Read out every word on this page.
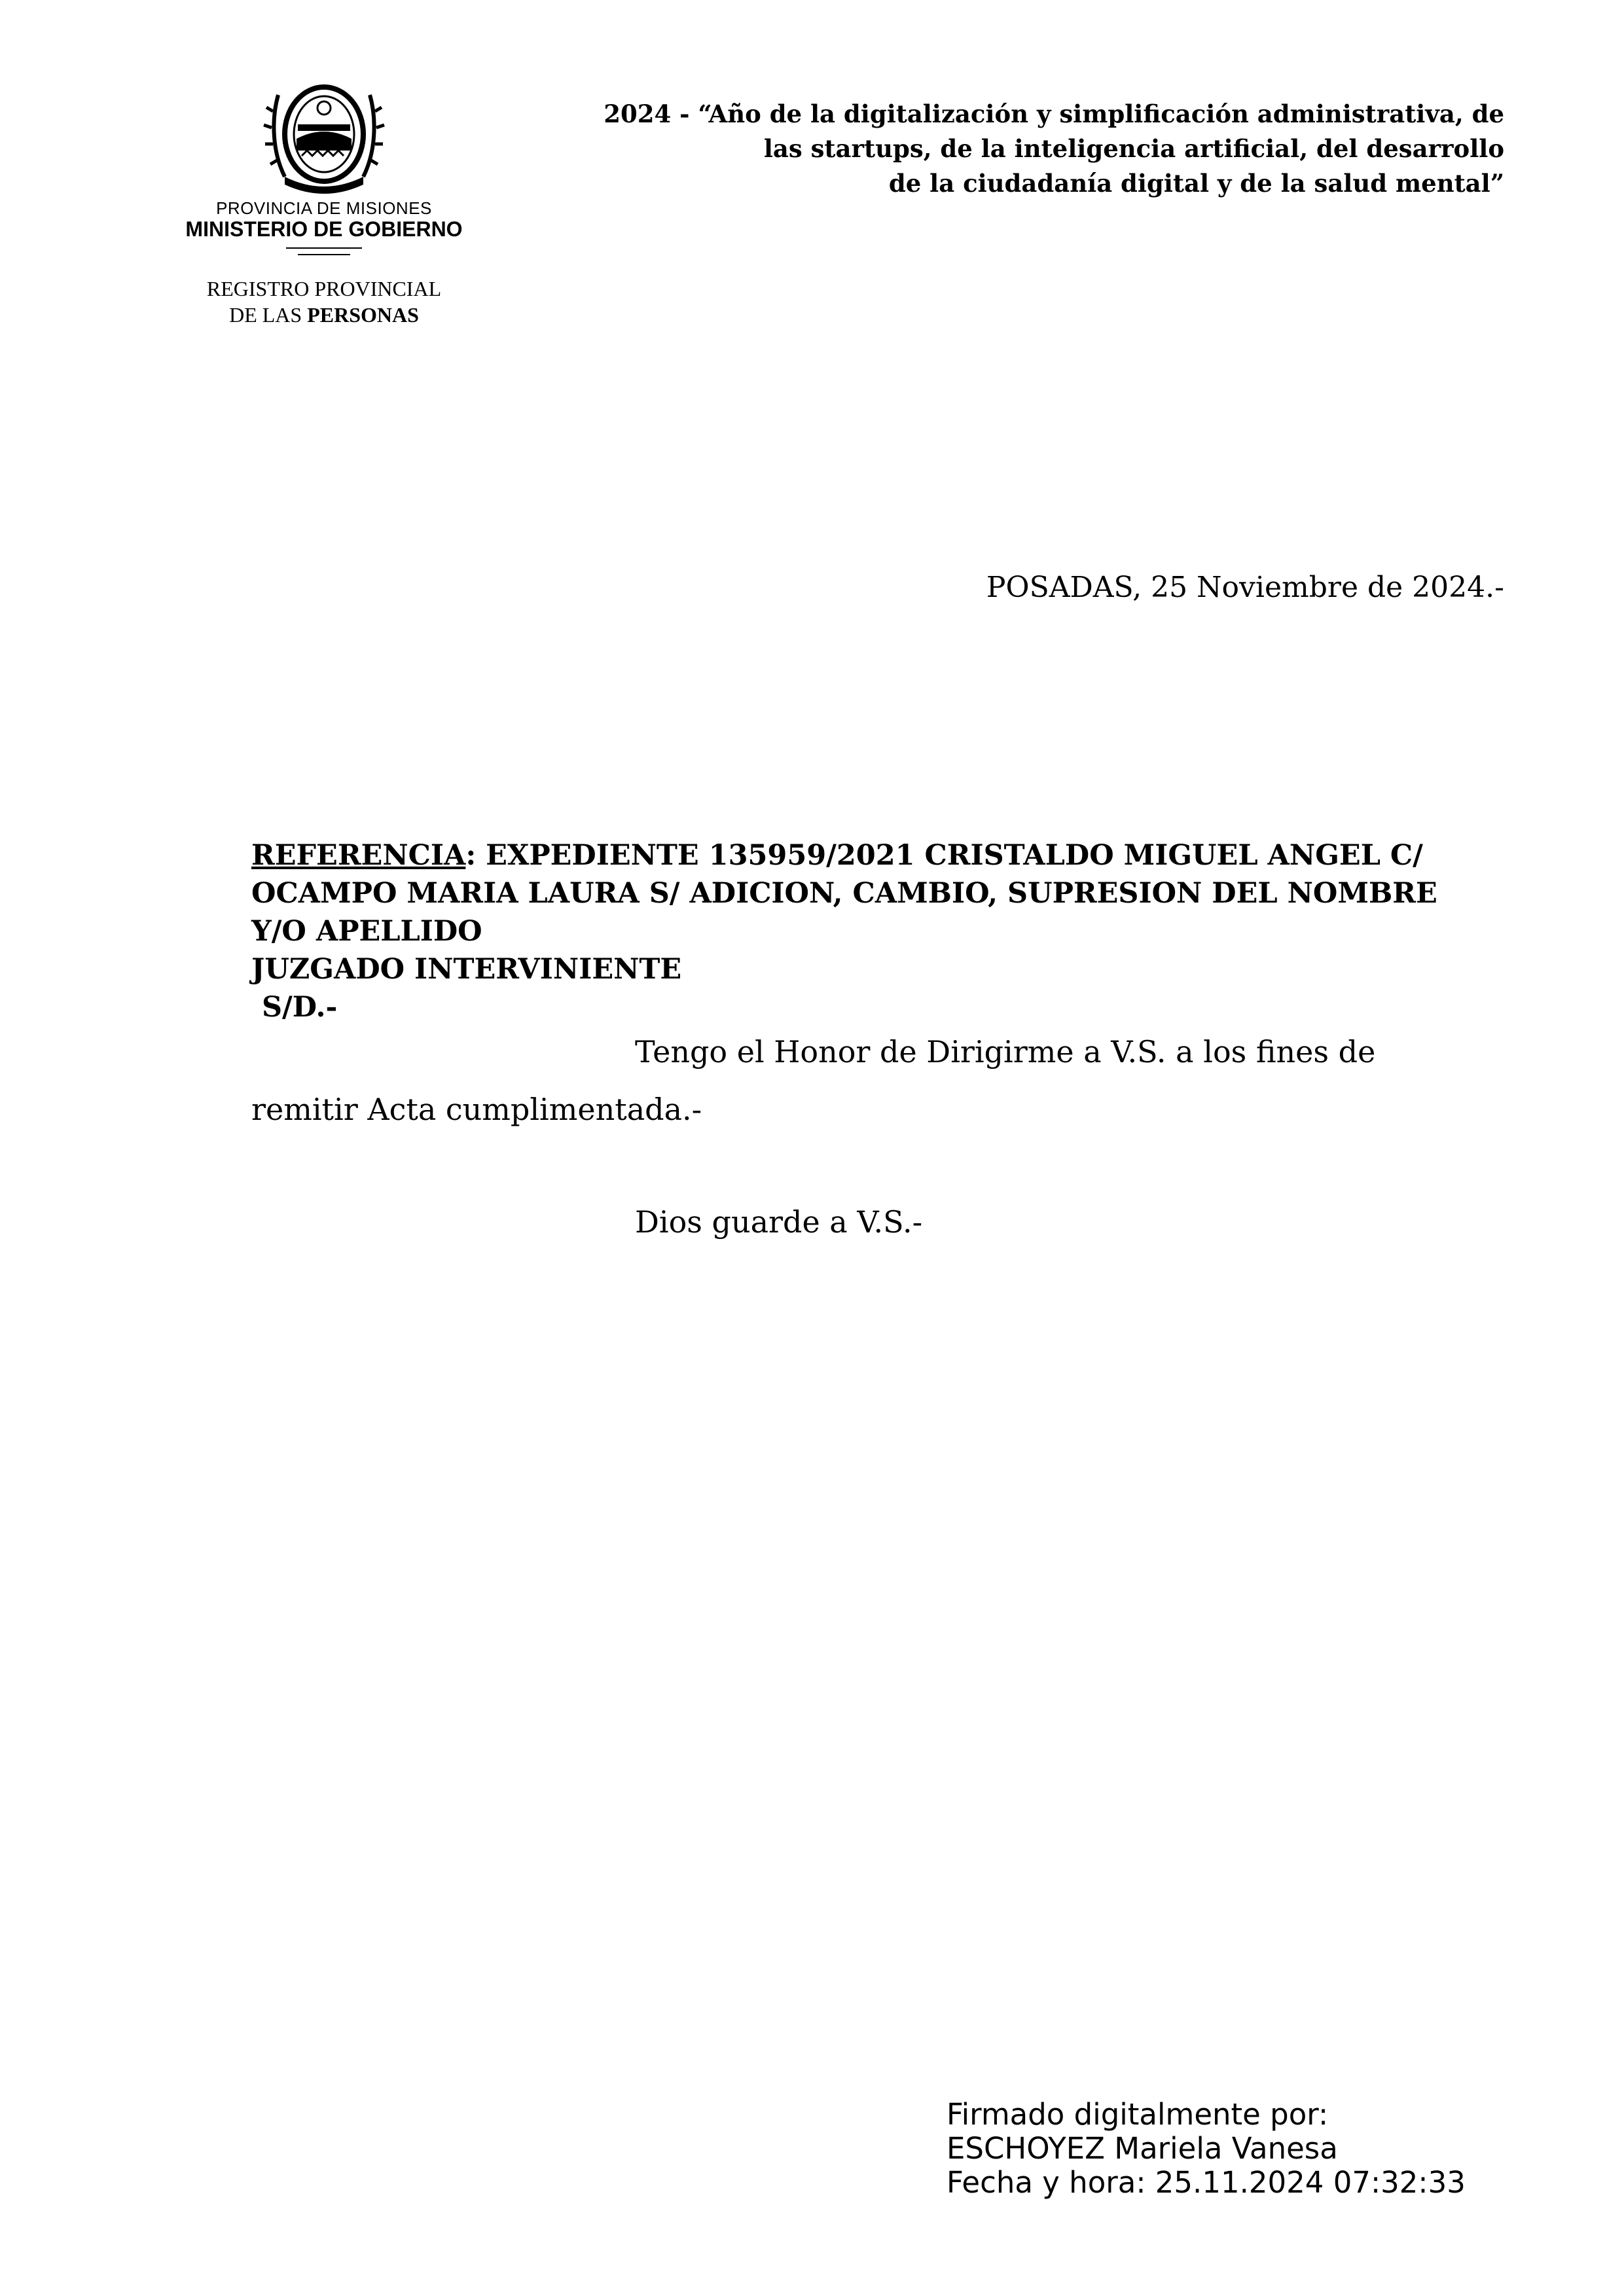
PROVINCIA DE MISIONES
MINISTERIO DE GOBIERNO
REGISTRO PROVINCIAL
DE LAS PERSONAS
2024 - “Año de la digitalización y simplificación administrativa, de
las startups, de la inteligencia artificial, del desarrollo
de la ciudadanía digital y de la salud mental”
POSADAS, 25 Noviembre de 2024.-
REFERENCIA: EXPEDIENTE 135959/2021 CRISTALDO MIGUEL ANGEL C/
OCAMPO MARIA LAURA S/ ADICION, CAMBIO, SUPRESION DEL NOMBRE
Y/O APELLIDO
JUZGADO INTERVINIENTE
S/D.-
Tengo el Honor de Dirigirme a V.S. a los fines de
remitir Acta cumplimentada.-
Dios guarde a V.S.-
Firmado digitalmente por:
ESCHOYEZ Mariela Vanesa
Fecha y hora: 25.11.2024 07:32:33
